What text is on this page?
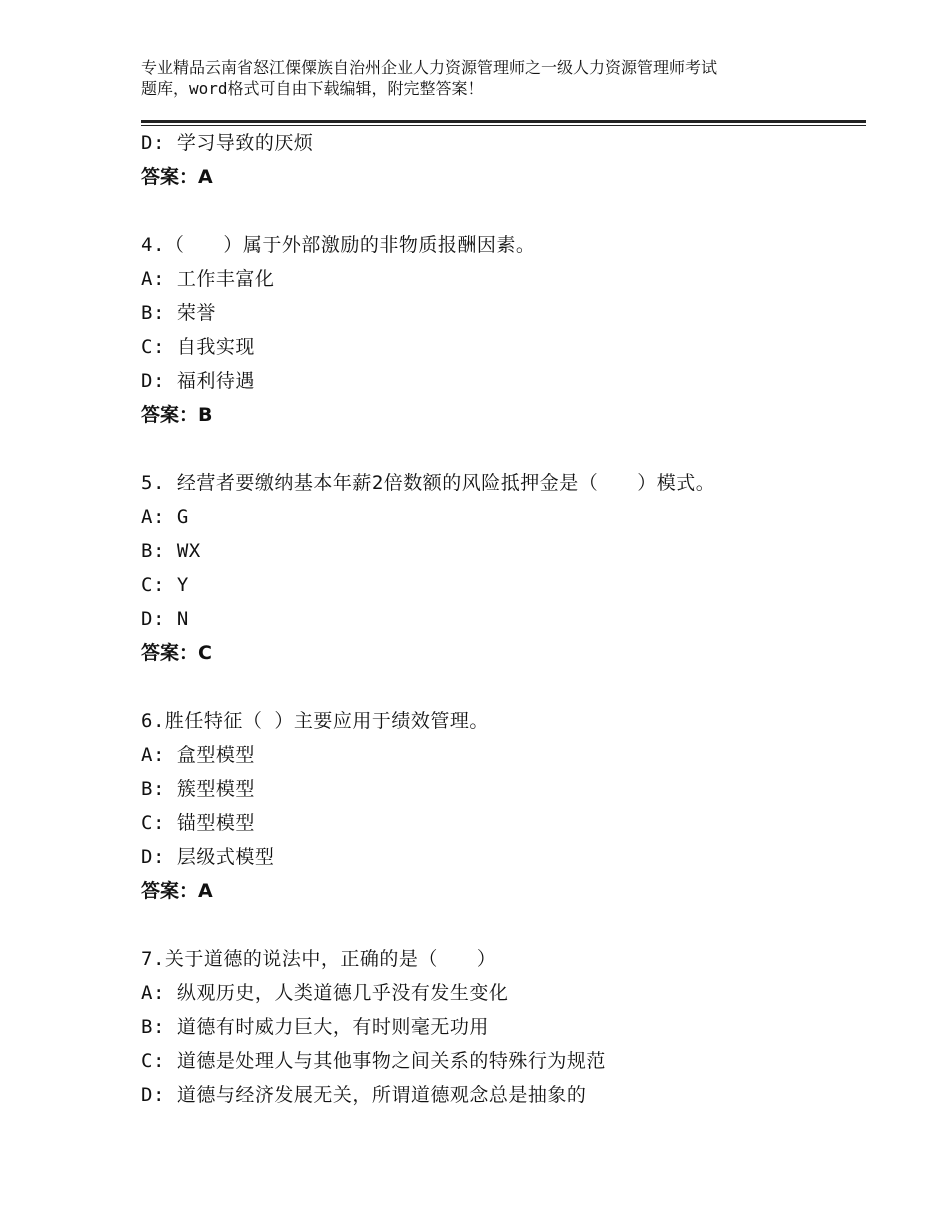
专业精品云南省怒江傈僳族自治州企业人力资源管理师之一级人力资源管理师考试
题库，word格式可自由下载编辑，附完整答案！
D: 学习导致的厌烦
答案：A
4.（　　）属于外部激励的非物质报酬因素。
A: 工作丰富化
B: 荣誉
C: 自我实现
D: 福利待遇
答案：B
5. 经营者要缴纳基本年薪2倍数额的风险抵押金是（　　）模式。
A: G
B: WX
C: Y
D: N
答案：C
6.胜任特征（ ）主要应用于绩效管理。
A: 盒型模型
B: 簇型模型
C: 锚型模型
D: 层级式模型
答案：A
7.关于道德的说法中，正确的是（　　）
A: 纵观历史，人类道德几乎没有发生变化
B: 道德有时威力巨大，有时则毫无功用
C: 道德是处理人与其他事物之间关系的特殊行为规范
D: 道德与经济发展无关，所谓道德观念总是抽象的
